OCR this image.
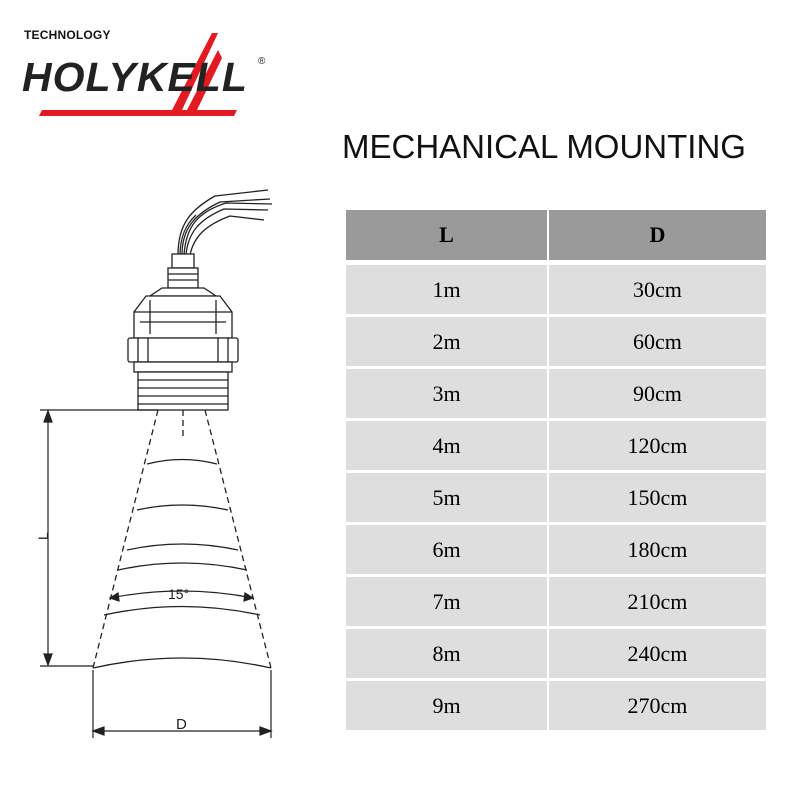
TECHNOLOGY
HOLYKELL ®
MECHANICAL MOUNTING
15°
L
D
L	D
1m	30cm
2m	60cm
3m	90cm
4m	120cm
5m	150cm
6m	180cm
7m	210cm
8m	240cm
9m	270cm
